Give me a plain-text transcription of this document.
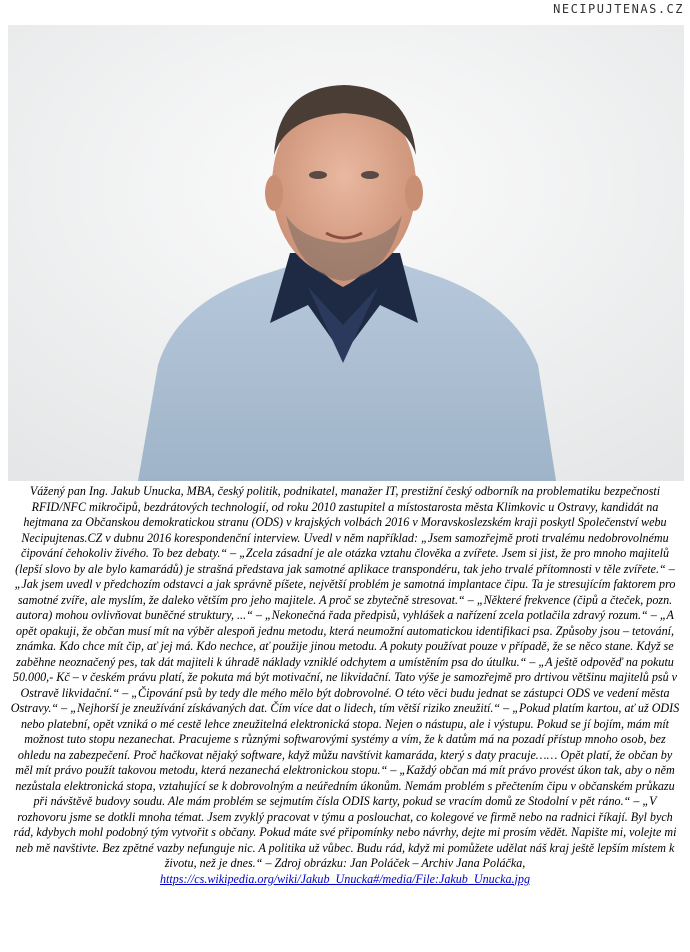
NECIPUJTENAS.CZ
Vážený pan Ing. Jakub Unucka, MBA, český politik, podnikatel, manažer IT, prestižní český odborník na problematiku bezpečnosti RFID/NFC mikročipů, bezdrátových technologií, od roku 2010 zastupitel a místostarosta města Klimkovic u Ostravy, kandidát na hejtmana za Občanskou demokratickou stranu (ODS) v krajských volbách 2016 v Moravskoslezském kraji poskytl Společenství webu Necipujtenas.CZ v dubnu 2016 korespondenční interview. Uvedl v něm například: „Jsem samozřejmě proti trvalému nedobrovolnému čipování čehokoliv živého. To bez debaty.“ – „Zcela zásadní je ale otázka vztahu člověka a zvířete. Jsem si jist, že pro mnoho majitelů (lepší slovo by ale bylo kamarádů) je strašná představa jak samotné aplikace transpondéru, tak jeho trvalé přítomnosti v těle zvířete.“ – „Jak jsem uvedl v předchozím odstavci a jak správně píšete, největší problém je samotná implantace čipu. Ta je stresujícím faktorem pro samotné zvíře, ale myslím, že daleko větším pro jeho majitele. A proč se zbytečně stresovat.“ – „Některé frekvence (čipů a čteček, pozn. autora) mohou ovlivňovat buněčné struktury, ...“ – „Nekonečná řada předpisů, vyhlášek a nařízení zcela potlačila zdravý rozum.“ – „A opět opakuji, že občan musí mít na výběr alespoň jednu metodu, která neumožní automatickou identifikaci psa. Způsoby jsou – tetování, známka. Kdo chce mít čip, ať jej má. Kdo nechce, ať použije jinou metodu. A pokuty používat pouze v případě, že se něco stane. Když se zaběhne neoznačený pes, tak dát majiteli k úhradě náklady vzniklé odchytem a umístěním psa do útulku.“ – „A ještě odpověď na pokutu 50.000,- Kč – v českém právu platí, že pokuta má být motivační, ne likvidační. Tato výše je samozřejmě pro drtivou většinu majitelů psů v Ostravě likvidační.“ – „Čipování psů by tedy dle mého mělo být dobrovolné. O této věci budu jednat se zástupci ODS ve vedení města Ostravy.“ – „Nejhorší je zneužívání získávaných dat. Čím více dat o lidech, tím větší riziko zneužití.“ – „Pokud platím kartou, ať už ODIS nebo platební, opět vzniká o mé cestě lehce zneužitelná elektronická stopa. Nejen o nástupu, ale i výstupu. Pokud se jí bojím, mám mít možnost tuto stopu nezanechat. Pracujeme s různými softwarovými systémy a vím, že k datům má na pozadí přístup mnoho osob, bez ohledu na zabezpečení. Proč hačkovat nějaký software, když můžu navštívit kamaráda, který s daty pracuje…… Opět platí, že občan by měl mít právo použít takovou metodu, která nezanechá elektronickou stopu.“ – „Každý občan má mít právo provést úkon tak, aby o něm nezůstala elektronická stopa, vztahující se k dobrovolným a neúředním úkonům. Nemám problém s přečtením čipu v občanském průkazu při návštěvě budovy soudu. Ale mám problém se sejmutím čísla ODIS karty, pokud se vracím domů ze Stodolní v pět ráno.“ – „V rozhovoru jsme se dotkli mnoha témat. Jsem zvyklý pracovat v týmu a poslouchat, co kolegové ve firmě nebo na radnici říkají. Byl bych rád, kdybych mohl podobný tým vytvořit s občany. Pokud máte své připomínky nebo návrhy, dejte mi prosím vědět. Napište mi, volejte mi neb mě navštivte. Bez zpětné vazby nefunguje nic. A politika už vůbec. Budu rád, když mi pomůžete udělat náš kraj ještě lepším místem k životu, než je dnes.“ – Zdroj obrázku: Jan Poláček – Archiv Jana Poláčka, https://cs.wikipedia.org/wiki/Jakub_Unucka#/media/File:Jakub_Unucka.jpg
